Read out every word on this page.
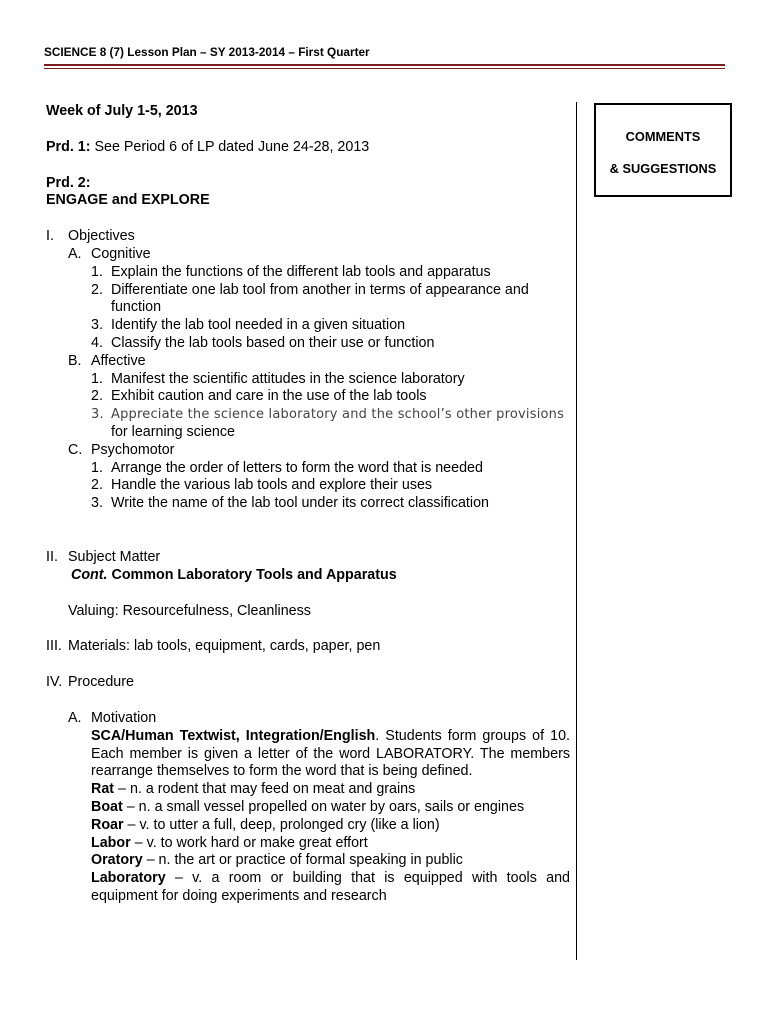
SCIENCE 8 (7) Lesson Plan – SY 2013-2014 – First Quarter
COMMENTS
& SUGGESTIONS

Week of July 1-5, 2013

Prd. 1: See Period 6 of LP dated June 24-28, 2013

Prd. 2:

ENGAGE and EXPLORE

I. Objectives
A. Cognitive
1. Explain the functions of the different lab tools and apparatus
2. Differentiate one lab tool from another in terms of appearance and function
3. Identify the lab tool needed in a given situation
4. Classify the lab tools based on their use or function
B. Affective
1. Manifest the scientific attitudes in the science laboratory
2. Exhibit caution and care in the use of the lab tools
3. Appreciate the science laboratory and the school’s other provisions
for learning science
C. Psychomotor
1. Arrange the order of letters to form the word that is needed
2. Handle the various lab tools and explore their uses
3. Write the name of the lab tool under its correct classification
II. Subject Matter

Cont. Common Laboratory Tools and Apparatus

Valuing: Resourcefulness, Cleanliness

III. Materials: lab tools, equipment, cards, paper, pen
IV. Procedure
A. Motivation

SCA/Human Textwist, Integration/English. Students form groups of 10. Each member is given a letter of the word LABORATORY. The members rearrange themselves to form the word that is being defined.

Rat – n. a rodent that may feed on meat and grains

Boat – n. a small vessel propelled on water by oars, sails or engines

Roar – v. to utter a full, deep, prolonged cry (like a lion)

Labor – v. to work hard or make great effort

Oratory – n. the art or practice of formal speaking in public

Laboratory – v. a room or building that is equipped with tools and equipment for doing experiments and research
